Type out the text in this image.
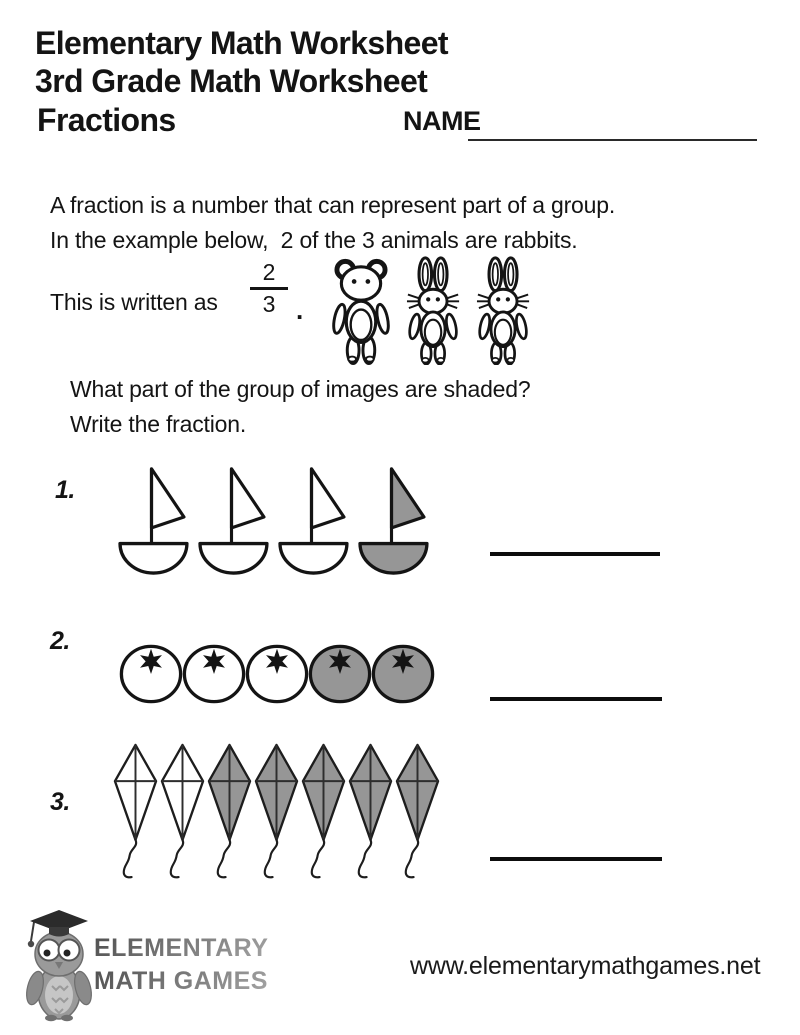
Elementary Math Worksheet
3rd Grade Math Worksheet
Fractions	NAME
A fraction is a number that can represent part of a group.
In the example below,  2 of the 3 animals are rabbits.
This is written as
2
3 .
What part of the group of images are shaded?
Write the fraction.
1.
2.
3.
ELEMENTARY
MATH GAMES
www.elementarymathgames.net
